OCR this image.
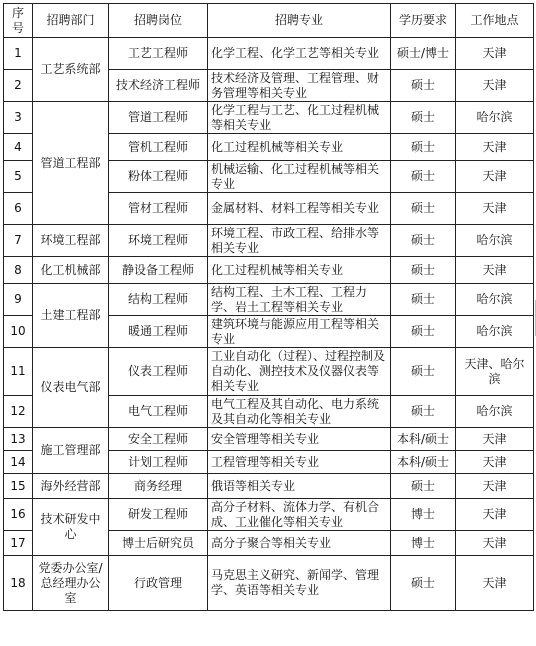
序号	招聘部门	招聘岗位	招聘专业	学历要求	工作地点
1	工艺系统部	工艺工程师	化学工程、化学工艺等相关专业	硕士/博士	天津
2		技术经济工程师	技术经济及管理、工程管理、财务管理等相关专业	硕士	天津
3	管道工程部	管道工程师	化学工程与工艺、化工过程机械等相关专业	硕士	哈尔滨
4		管机工程师	化工过程机械等相关专业	硕士	天津
5		粉体工程师	机械运输、化工过程机械等相关专业	硕士	天津
6		管材工程师	金属材料、材料工程等相关专业	硕士	天津
7	环境工程部	环境工程师	环境工程、市政工程、给排水等相关专业	硕士	哈尔滨
8	化工机械部	静设备工程师	化工过程机械等相关专业	硕士	天津
9	土建工程部	结构工程师	结构工程、土木工程、工程力学、岩土工程等相关专业	硕士	哈尔滨
10		暖通工程师	建筑环境与能源应用工程等相关专业	硕士	哈尔滨
11	仪表电气部	仪表工程师	工业自动化（过程）、过程控制及自动化、测控技术及仪器仪表等相关专业	硕士	天津、哈尔滨
12		电气工程师	电气工程及其自动化、电力系统及其自动化等相关专业	硕士	哈尔滨
13	施工管理部	安全工程师	安全管理等相关专业	本科/硕士	天津
14		计划工程师	工程管理等相关专业	本科/硕士	天津
15	海外经营部	商务经理	俄语等相关专业	硕士	天津
16	技术研发中心	研发工程师	高分子材料、流体力学、有机合成、工业催化等相关专业	博士	天津
17		博士后研究员	高分子聚合等相关专业	博士	天津
18	党委办公室/总经理办公室	行政管理	马克思主义研究、新闻学、管理学、英语等相关专业	硕士	天津
